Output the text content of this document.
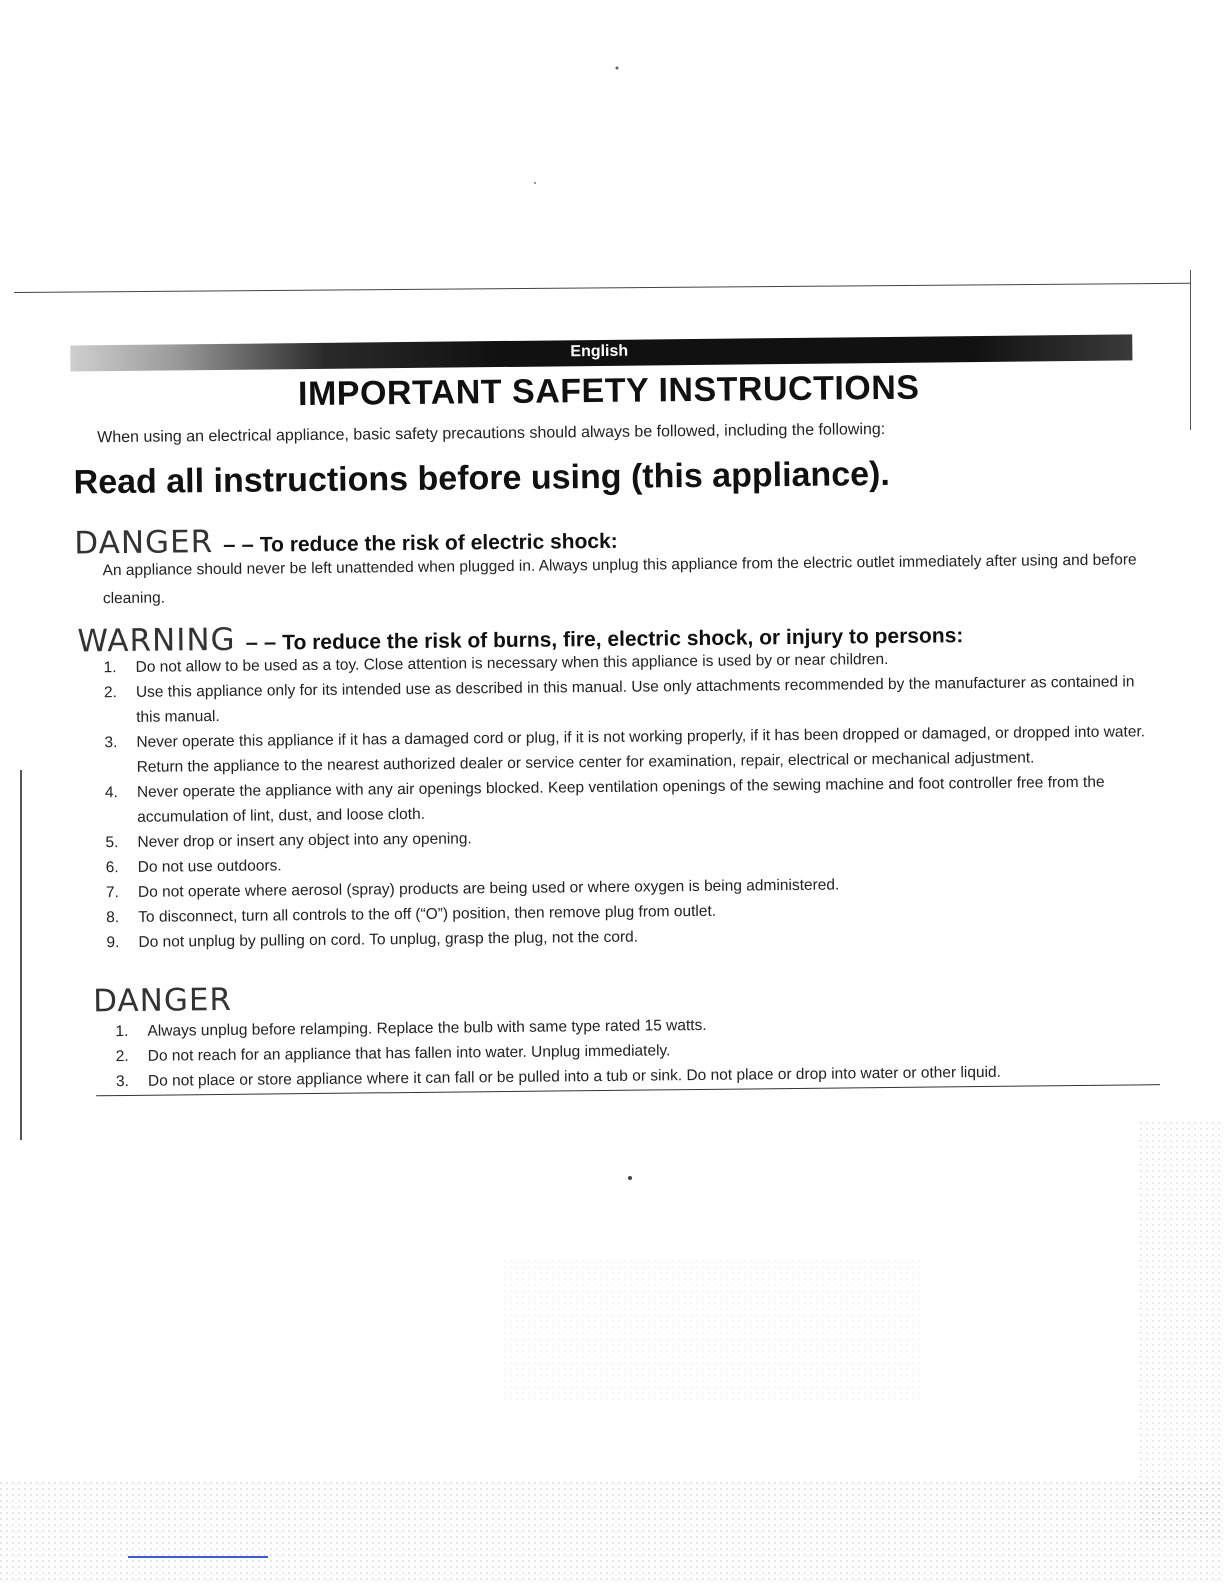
English
IMPORTANT SAFETY INSTRUCTIONS
When using an electrical appliance, basic safety precautions should always be followed, including the following:
Read all instructions before using (this appliance).
DANGER – – To reduce the risk of electric shock:
An appliance should never be left unattended when plugged in. Always unplug this appliance from the electric outlet immediately after using and before cleaning.
WARNING – – To reduce the risk of burns, fire, electric shock, or injury to persons:
1.	Do not allow to be used as a toy. Close attention is necessary when this appliance is used by or near children.
2.	Use this appliance only for its intended use as described in this manual. Use only attachments recommended by the manufacturer as contained in this manual.
3.	Never operate this appliance if it has a damaged cord or plug, if it is not working properly, if it has been dropped or damaged, or dropped into water. Return the appliance to the nearest authorized dealer or service center for examination, repair, electrical or mechanical adjustment.
4.	Never operate the appliance with any air openings blocked. Keep ventilation openings of the sewing machine and foot controller free from the accumulation of lint, dust, and loose cloth.
5.	Never drop or insert any object into any opening.
6.	Do not use outdoors.
7.	Do not operate where aerosol (spray) products are being used or where oxygen is being administered.
8.	To disconnect, turn all controls to the off (“O”) position, then remove plug from outlet.
9.	Do not unplug by pulling on cord. To unplug, grasp the plug, not the cord.
DANGER
1.	Always unplug before relamping. Replace the bulb with same type rated 15 watts.
2.	Do not reach for an appliance that has fallen into water. Unplug immediately.
3.	Do not place or store appliance where it can fall or be pulled into a tub or sink. Do not place or drop into water or other liquid.
